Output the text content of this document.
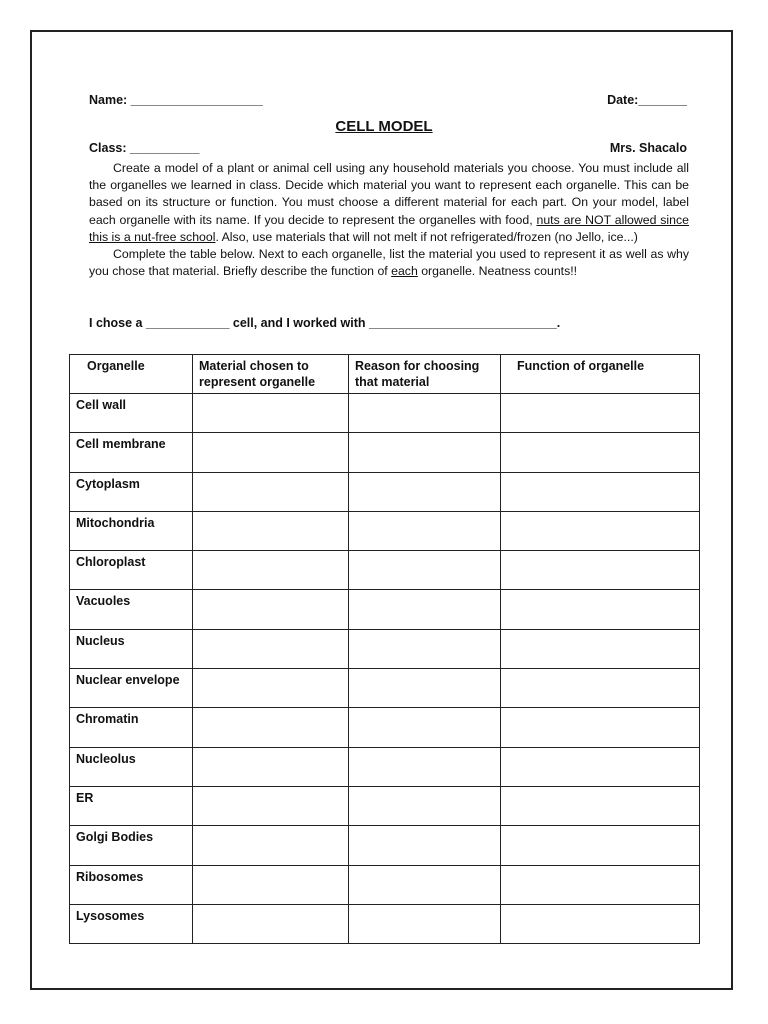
Name: ___________________

Class: __________

Date:_______

Mrs. Shacalo

CELL MODEL

Create a model of a plant or animal cell using any household materials you choose. You must include all the organelles we learned in class. Decide which material you want to represent each organelle. This can be based on its structure or function. You must choose a different material for each part. On your model, label each organelle with its name. If you decide to represent the organelles with food, nuts are NOT allowed since this is a nut-free school. Also, use materials that will not melt if not refrigerated/frozen (no Jello, ice...)

Complete the table below. Next to each organelle, list the material you used to represent it as well as why you chose that material. Briefly describe the function of each organelle. Neatness counts!!

I chose a ____________ cell, and I worked with ___________________________.
Organelle	Material chosen to represent organelle	Reason for choosing that material	Function of organelle
Cell wall			
Cell membrane			
Cytoplasm			
Mitochondria			
Chloroplast			
Vacuoles			
Nucleus			
Nuclear envelope			
Chromatin			
Nucleolus			
ER			
Golgi Bodies			
Ribosomes			
Lysosomes			
